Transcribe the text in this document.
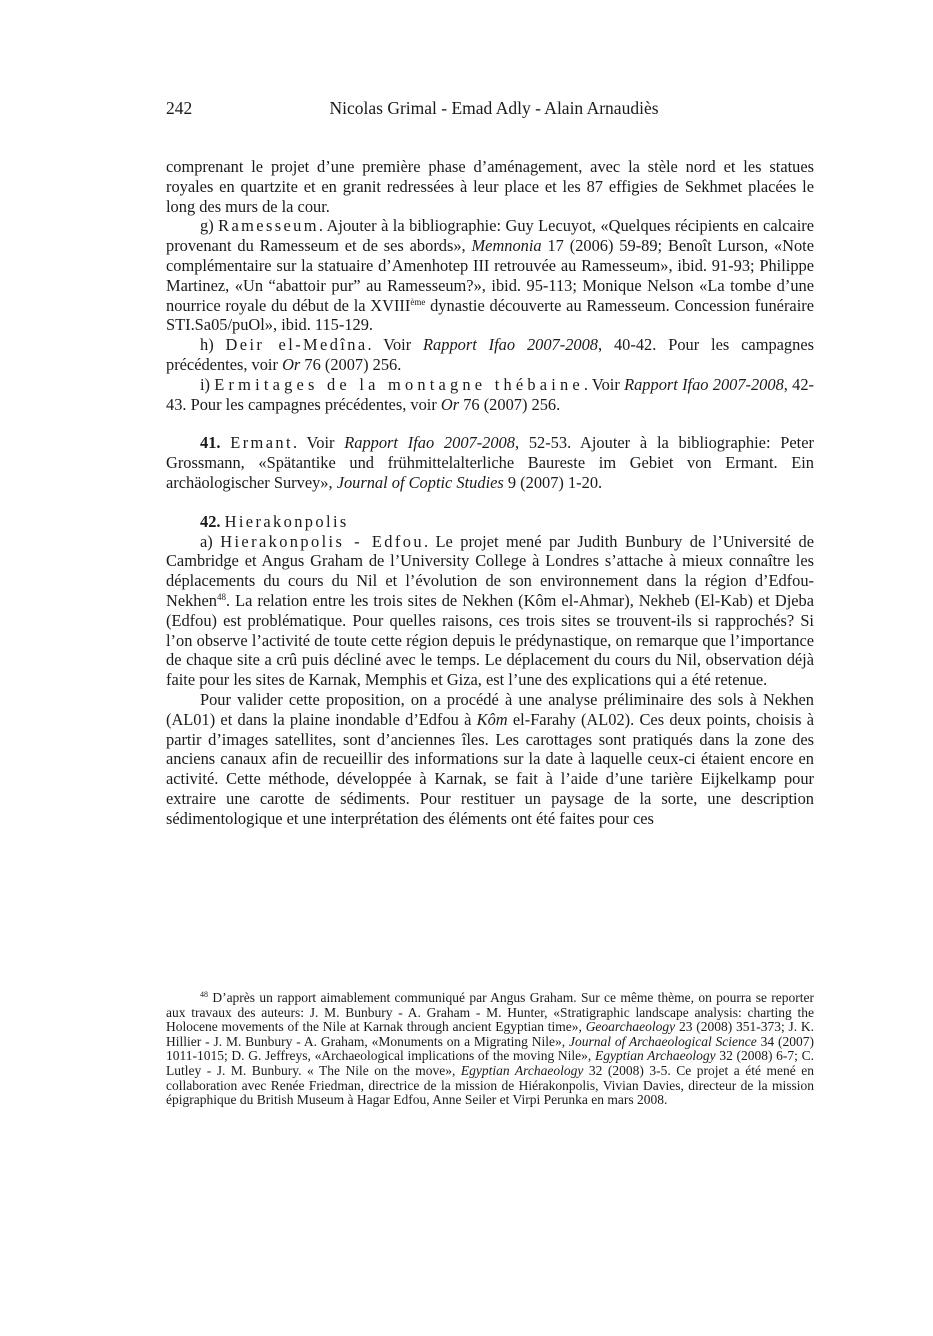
242	Nicolas Grimal - Emad Adly - Alain Arnaudiès

comprenant le projet d’une première phase d’aménagement, avec la stèle nord et les statues royales en quartzite et en granit redressées à leur place et les 87 effigies de Sekhmet placées le long des murs de la cour.

g) Ramesseum. Ajouter à la bibliographie: Guy Lecuyot, «Quelques récipients en calcaire provenant du Ramesseum et de ses abords», Memnonia 17 (2006) 59-89; Benoît Lurson, «Note complémentaire sur la statuaire d’Amenhotep III retrouvée au Ramesseum», ibid. 91-93; Philippe Martinez, «Un “abattoir pur” au Ramesseum?», ibid. 95-113; Monique Nelson «La tombe d’une nourrice royale du début de la XVIIIème dynastie découverte au Ramesseum. Concession funéraire STI.Sa05/puOl», ibid. 115-129.

h) Deir el-Medîna. Voir Rapport Ifao 2007-2008, 40-42. Pour les campagnes précédentes, voir Or 76 (2007) 256.

i) Ermitages de la montagne thébaine. Voir Rapport Ifao 2007-2008, 42-43. Pour les campagnes précédentes, voir Or 76 (2007) 256.

41. Ermant. Voir Rapport Ifao 2007-2008, 52-53. Ajouter à la bibliographie: Peter Grossmann, «Spätantike und frühmittelalterliche Baureste im Gebiet von Ermant. Ein archäologischer Survey», Journal of Coptic Studies 9 (2007) 1-20.

42. Hierakonpolis

a) Hierakonpolis - Edfou. Le projet mené par Judith Bunbury de l’Université de Cambridge et Angus Graham de l’University College à Londres s’attache à mieux connaître les déplacements du cours du Nil et l’évolution de son environnement dans la région d’Edfou-Nekhen$^{48}$. La relation entre les trois sites de Nekhen (Kôm el-Ahmar), Nekheb (El-Kab) et Djeba (Edfou) est problématique. Pour quelles raisons, ces trois sites se trouvent-ils si rapprochés? Si l’on observe l’activité de toute cette région depuis le prédynastique, on remarque que l’importance de chaque site a crû puis décliné avec le temps. Le déplacement du cours du Nil, observation déjà faite pour les sites de Karnak, Memphis et Giza, est l’une des explications qui a été retenue.

Pour valider cette proposition, on a procédé à une analyse préliminaire des sols à Nekhen (AL01) et dans la plaine inondable d’Edfou à Kôm el-Farahy (AL02). Ces deux points, choisis à partir d’images satellites, sont d’anciennes îles. Les carottages sont pratiqués dans la zone des anciens canaux afin de recueillir des informations sur la date à laquelle ceux-ci étaient encore en activité. Cette méthode, développée à Karnak, se fait à l’aide d’une tarière Eijkelkamp pour extraire une carotte de sédiments. Pour restituer un paysage de la sorte, une description sédimentologique et une interprétation des éléments ont été faites pour ces

$^{48}$ D’après un rapport aimablement communiqué par Angus Graham. Sur ce même thème, on pourra se reporter aux travaux des auteurs: J. M. Bunbury - A. Graham - M. Hunter, «Stratigraphic landscape analysis: charting the Holocene movements of the Nile at Karnak through ancient Egyptian time», Geoarchaeology 23 (2008) 351-373; J. K. Hillier - J. M. Bunbury - A. Graham, «Monuments on a Migrating Nile», Journal of Archaeological Science 34 (2007) 1011-1015; D. G. Jeffreys, «Archaeological implications of the moving Nile», Egyptian Archaeology 32 (2008) 6-7; C. Lutley - J. M. Bunbury. « The Nile on the move», Egyptian Archaeology 32 (2008) 3-5. Ce projet a été mené en collaboration avec Renée Friedman, directrice de la mission de Hiérakonpolis, Vivian Davies, directeur de la mission épigraphique du British Museum à Hagar Edfou, Anne Seiler et Virpi Perunka en mars 2008.
